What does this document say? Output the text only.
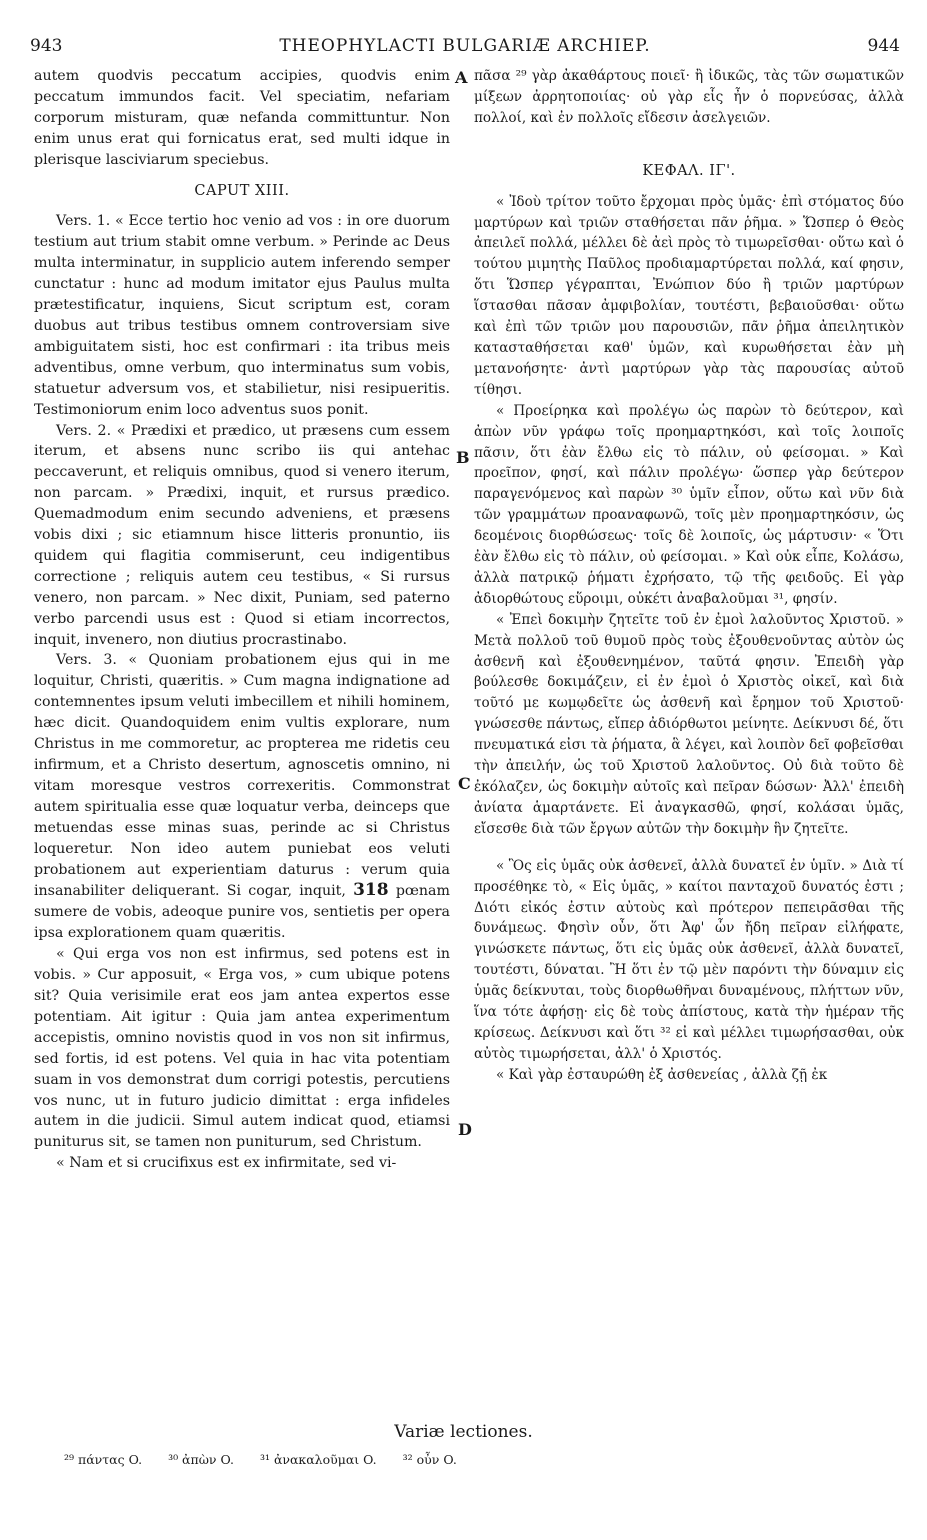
943	THEOPHYLACTI BULGARIÆ ARCHIEP.	944

autem quodvis peccatum accipies, quodvis enim peccatum immundos facit. Vel speciatim, nefariam corporum misturam, quæ nefanda committuntur. Non enim unus erat qui fornicatus erat, sed multi idque in plerisque lasciviarum speciebus.

CAPUT XIII.

Vers. 1. « Ecce tertio hoc venio ad vos : in ore duorum testium aut trium stabit omne verbum. » Perinde ac Deus multa interminatur, in supplicio autem inferendo semper cunctatur : hunc ad modum imitator ejus Paulus multa prætestificatur, inquiens, Sicut scriptum est, coram duobus aut tribus testibus omnem controversiam sive ambiguitatem sisti, hoc est confirmari : ita tribus meis adventibus, omne verbum, quo interminatus sum vobis, statuetur adversum vos, et stabilietur, nisi resipueritis. Testimoniorum enim loco adventus suos ponit.

Vers. 2. « Prædixi et prædico, ut præsens cum essem iterum, et absens nunc scribo iis qui antehac peccaverunt, et reliquis omnibus, quod si venero iterum, non parcam. » Prædixi, inquit, et rursus prædico. Quemadmodum enim secundo adveniens, et præsens vobis dixi ; sic etiamnum hisce litteris pronuntio, iis quidem qui flagitia commiserunt, ceu indigentibus correctione ; reliquis autem ceu testibus, « Si rursus venero, non parcam. » Nec dixit, Puniam, sed paterno verbo parcendi usus est : Quod si etiam incorrectos, inquit, invenero, non diutius procrastinabo.

Vers. 3. « Quoniam probationem ejus qui in me loquitur, Christi, quæritis. » Cum magna indignatione ad contemnentes ipsum veluti imbecillem et nihili hominem, hæc dicit. Quandoquidem enim vultis explorare, num Christus in me commoretur, ac propterea me ridetis ceu infirmum, et a Christo desertum, agnoscetis omnino, ni vitam moresque vestros correxeritis. Commonstrat autem spiritualia esse quæ loquatur verba, deinceps que metuendas esse minas suas, perinde ac si Christus loqueretur. Non ideo autem puniebat eos veluti probationem aut experientiam daturus : verum quia insanabiliter deliquerant. Si cogar, inquit, 318 pœnam sumere de vobis, adeoque punire vos, sentietis per opera ipsa explorationem quam quæritis.

« Qui erga vos non est infirmus, sed potens est in vobis. » Cur apposuit, « Erga vos, » cum ubique potens sit? Quia verisimile erat eos jam antea expertos esse potentiam. Ait igitur : Quia jam antea experimentum accepistis, omnino novistis quod in vos non sit infirmus, sed fortis, id est potens. Vel quia in hac vita potentiam suam in vos demonstrat dum corrigi potestis, percutiens vos nunc, ut in futuro judicio dimittat : erga infideles autem in die judicii. Simul autem indicat quod, etiamsi puniturus sit, se tamen non puniturum, sed Christum.

« Nam et si crucifixus est ex infirmitate, sed vi-

πᾶσα ²⁹ γὰρ ἀκαθάρτους ποιεῖ· ἢ ἰδικῶς, τὰς τῶν σωματικῶν μίξεων ἀρρητοποιίας· οὐ γὰρ εἷς ἦν ὁ πορνεύσας, ἀλλὰ πολλοί, καὶ ἐν πολλοῖς εἴδεσιν ἀσελγειῶν.

ΚΕΦΑΛ. ΙΓ'.

« Ἰδοὺ τρίτον τοῦτο ἔρχομαι πρὸς ὑμᾶς· ἐπὶ στόματος δύο μαρτύρων καὶ τριῶν σταθήσεται πᾶν ῥῆμα. » Ὥσπερ ὁ Θεὸς ἀπειλεῖ πολλά, μέλλει δὲ ἀεὶ πρὸς τὸ τιμωρεῖσθαι· οὕτω καὶ ὁ τούτου μιμητὴς Παῦλος προδιαμαρτύρεται πολλά, καί φησιν, ὅτι Ὥσπερ γέγραπται, Ἐνώπιον δύο ἢ τριῶν μαρτύρων ἵστασθαι πᾶσαν ἀμφιβολίαν, τουτέστι, βεβαιοῦσθαι· οὕτω καὶ ἐπὶ τῶν τριῶν μου παρουσιῶν, πᾶν ῥῆμα ἀπειλητικὸν κατασταθήσεται καθ' ὑμῶν, καὶ κυρωθήσεται ἐὰν μὴ μετανοήσητε· ἀντὶ μαρτύρων γὰρ τὰς παρουσίας αὐτοῦ τίθησι.

« Προείρηκα καὶ προλέγω ὡς παρὼν τὸ δεύτερον, καὶ ἀπὼν νῦν γράφω τοῖς προημαρτηκόσι, καὶ τοῖς λοιποῖς πᾶσιν, ὅτι ἐὰν ἔλθω εἰς τὸ πάλιν, οὐ φείσομαι. » Καὶ προεῖπον, φησί, καὶ πάλιν προλέγω· ὥσπερ γὰρ δεύτερον παραγενόμενος καὶ παρὼν ³⁰ ὑμῖν εἶπον, οὕτω καὶ νῦν διὰ τῶν γραμμάτων προαναφωνῶ, τοῖς μὲν προημαρτηκόσιν, ὡς δεομένοις διορθώσεως· τοῖς δὲ λοιποῖς, ὡς μάρτυσιν· « Ὅτι ἐὰν ἔλθω εἰς τὸ πάλιν, οὐ φείσομαι. » Καὶ οὐκ εἶπε, Κολάσω, ἀλλὰ πατρικῷ ῥήματι ἐχρήσατο, τῷ τῆς φειδοῦς. Εἰ γὰρ ἀδιορθώτους εὕροιμι, οὐκέτι ἀναβαλοῦμαι ³¹, φησίν.

« Ἐπεὶ δοκιμὴν ζητεῖτε τοῦ ἐν ἐμοὶ λαλοῦντος Χριστοῦ. » Μετὰ πολλοῦ τοῦ θυμοῦ πρὸς τοὺς ἐξουθενοῦντας αὐτὸν ὡς ἀσθενῆ καὶ ἐξουθενημένον, ταῦτά φησιν. Ἐπειδὴ γὰρ βούλεσθε δοκιμάζειν, εἰ ἐν ἐμοὶ ὁ Χριστὸς οἰκεῖ, καὶ διὰ τοῦτό με κωμῳδεῖτε ὡς ἀσθενῆ καὶ ἔρημον τοῦ Χριστοῦ· γνώσεσθε πάντως, εἴπερ ἀδιόρθωτοι μείνητε. Δείκνυσι δέ, ὅτι πνευματικά εἰσι τὰ ῥήματα, ἃ λέγει, καὶ λοιπὸν δεῖ φοβεῖσθαι τὴν ἀπειλήν, ὡς τοῦ Χριστοῦ λαλοῦντος. Οὐ διὰ τοῦτο δὲ ἐκόλαζεν, ὡς δοκιμὴν αὐτοῖς καὶ πεῖραν δώσων· Ἀλλ' ἐπειδὴ ἀνίατα ἁμαρτάνετε. Εἰ ἀναγκασθῶ, φησί, κολάσαι ὑμᾶς, εἴσεσθε διὰ τῶν ἔργων αὐτῶν τὴν δοκιμὴν ἣν ζητεῖτε.

« Ὃς εἰς ὑμᾶς οὐκ ἀσθενεῖ, ἀλλὰ δυνατεῖ ἐν ὑμῖν. » Διὰ τί προσέθηκε τὸ, « Εἰς ὑμᾶς, » καίτοι πανταχοῦ δυνατός ἐστι ; Διότι εἰκός ἐστιν αὐτοὺς καὶ πρότερον πεπειρᾶσθαι τῆς δυνάμεως. Φησὶν οὖν, ὅτι Ἀφ' ὧν ἤδη πεῖραν εἰλήφατε, γινώσκετε πάντως, ὅτι εἰς ὑμᾶς οὐκ ἀσθενεῖ, ἀλλὰ δυνατεῖ, τουτέστι, δύναται. Ἢ ὅτι ἐν τῷ μὲν παρόντι τὴν δύναμιν εἰς ὑμᾶς δείκνυται, τοὺς διορθωθῆναι δυναμένους, πλήττων νῦν, ἵνα τότε ἀφήσῃ· εἰς δὲ τοὺς ἀπίστους, κατὰ τὴν ἡμέραν τῆς κρίσεως. Δείκνυσι καὶ ὅτι ³² εἰ καὶ μέλλει τιμωρήσασθαι, οὐκ αὐτὸς τιμωρήσεται, ἀλλ' ὁ Χριστός.

« Καὶ γὰρ ἐσταυρώθη ἐξ ἀσθενείας , ἀλλὰ ζῇ ἐκ

A
B
C
D
Variæ lectiones.
²⁹ πάντας O. ³⁰ ἀπὼν O. ³¹ ἀνακαλοῦμαι O. ³² οὖν O.
